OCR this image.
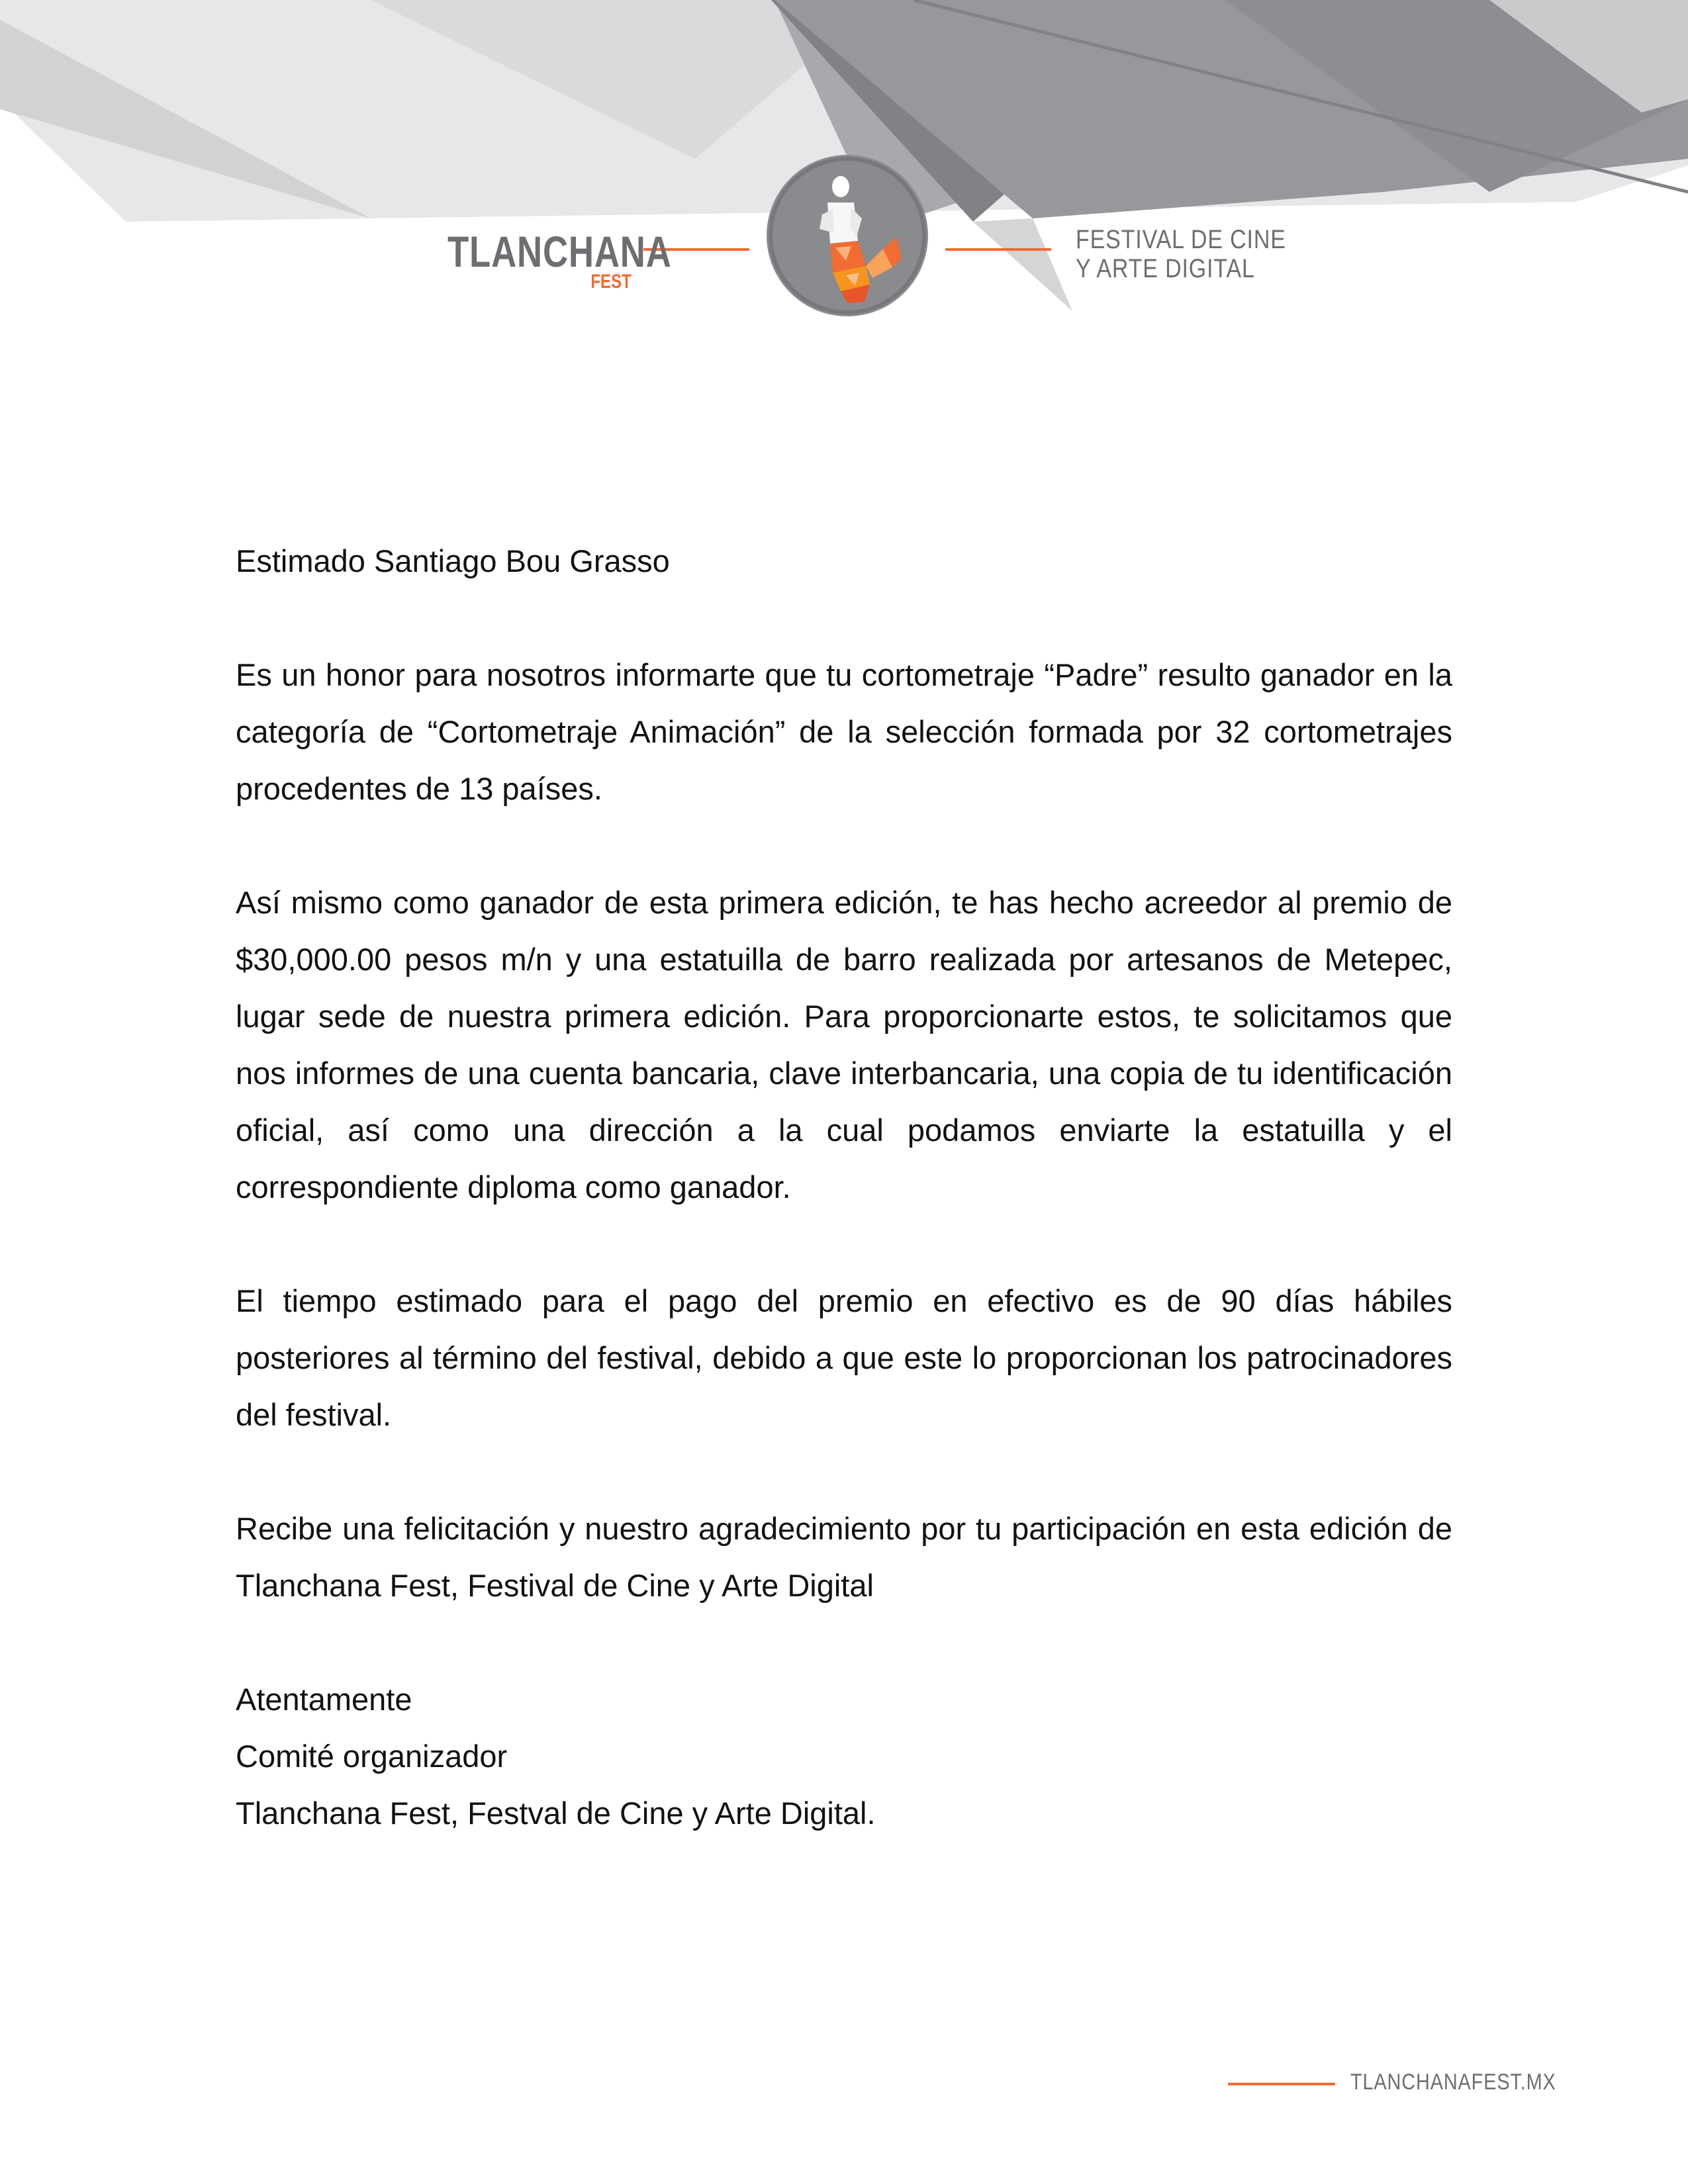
TLANCHANA
FEST
FESTIVAL DE CINE
Y ARTE DIGITAL

Estimado Santiago Bou Grasso

Es un honor para nosotros informarte que tu cortometraje “Padre” resulto ganador en la categoría de “Cortometraje Animación” de la selección formada por 32 cortometrajes procedentes de 13 países.

Así mismo como ganador de esta primera edición, te has hecho acreedor al premio de $30,000.00 pesos m/n y una estatuilla de barro realizada por artesanos de Metepec, lugar sede de nuestra primera edición. Para proporcionarte estos, te solicitamos que nos informes de una cuenta bancaria, clave interbancaria, una copia de tu identificación oficial, así como una dirección a la cual podamos enviarte la estatuilla y el correspondiente diploma como ganador.

El tiempo estimado para el pago del premio en efectivo es de 90 días hábiles posteriores al término del festival, debido a que este lo proporcionan los patrocinadores del festival.

Recibe una felicitación y nuestro agradecimiento por tu participación en esta edición de Tlanchana Fest, Festival de Cine y Arte Digital

Atentamente
Comité organizador
Tlanchana Fest, Festval de Cine y Arte Digital.

TLANCHANAFEST.MX
